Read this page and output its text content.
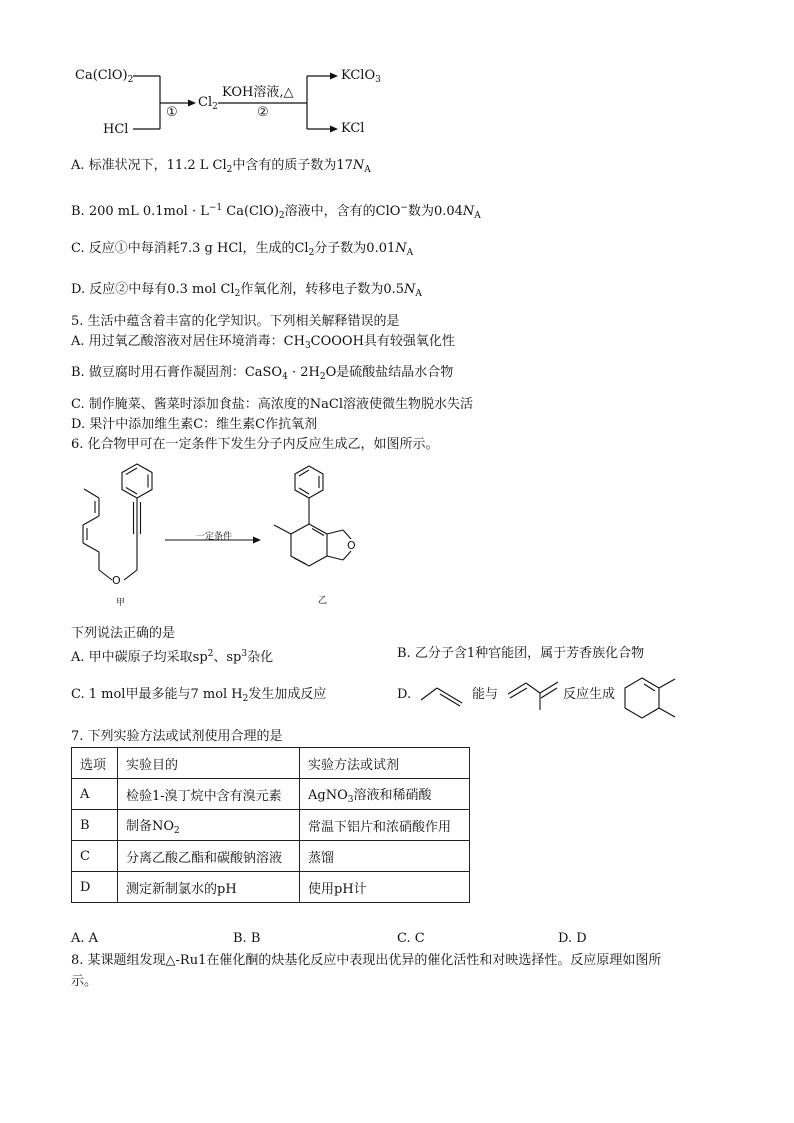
$Ca(ClO)_2$
HCl
①
$Cl_2$
KOH溶液,△
②
KClO$_3$
KCl
A. 标准状况下，11.2 L $Cl_2$中含有的质子数为$17N_A$
B. 200 mL $0.1mol \cdot L^{-1}$ $Ca(ClO)_2$溶液中，含有的ClO−数为$0.04N_A$
C. 反应①中每消耗7.3 g HCl，生成的$Cl_2$分子数为$0.01N_A$
D. 反应②中每有0.3 mol $Cl_2$作氧化剂，转移电子数为$0.5N_A$
5. 生活中蕴含着丰富的化学知识。下列相关解释错误的是
A. 用过氧乙酸溶液对居住环境消毒：$CH_3COOOH$具有较强氧化性
B. 做豆腐时用石膏作凝固剂：CaSO$_4$ · $2H_2O$是硫酸盐结晶水合物
C. 制作腌菜、酱菜时添加食盐：高浓度的NaCl溶液使微生物脱水失活
D. 果汁中添加维生素C：维生素C作抗氧剂
6. 化合物甲可在一定条件下发生分子内反应生成乙，如图所示。
O
O
一定条件
甲	乙
下列说法正确的是
A. 甲中碳原子均采取$sp^2$、$sp^3$杂化	B. 乙分子含1种官能团，属于芳香族化合物
C. 1 mol甲最多能与7 mol $H_2$发生加成反应	D.	能与	反应生成
7. 下列实验方法或试剂使用合理的是
选项	实验目的	实验方法或试剂
A	检验1-溴丁烷中含有溴元素	AgNO$_3$溶液和稀硝酸
B	制备$NO_2$	常温下铝片和浓硝酸作用
C	分离乙酸乙酯和碳酸钠溶液	蒸馏
D	测定新制氯水的pH	使用pH计
A. A	B. B	C. C	D. D
8. 某课题组发现△-Ru1在催化酮的炔基化反应中表现出优异的催化活性和对映选择性。反应原理如图所
示。
